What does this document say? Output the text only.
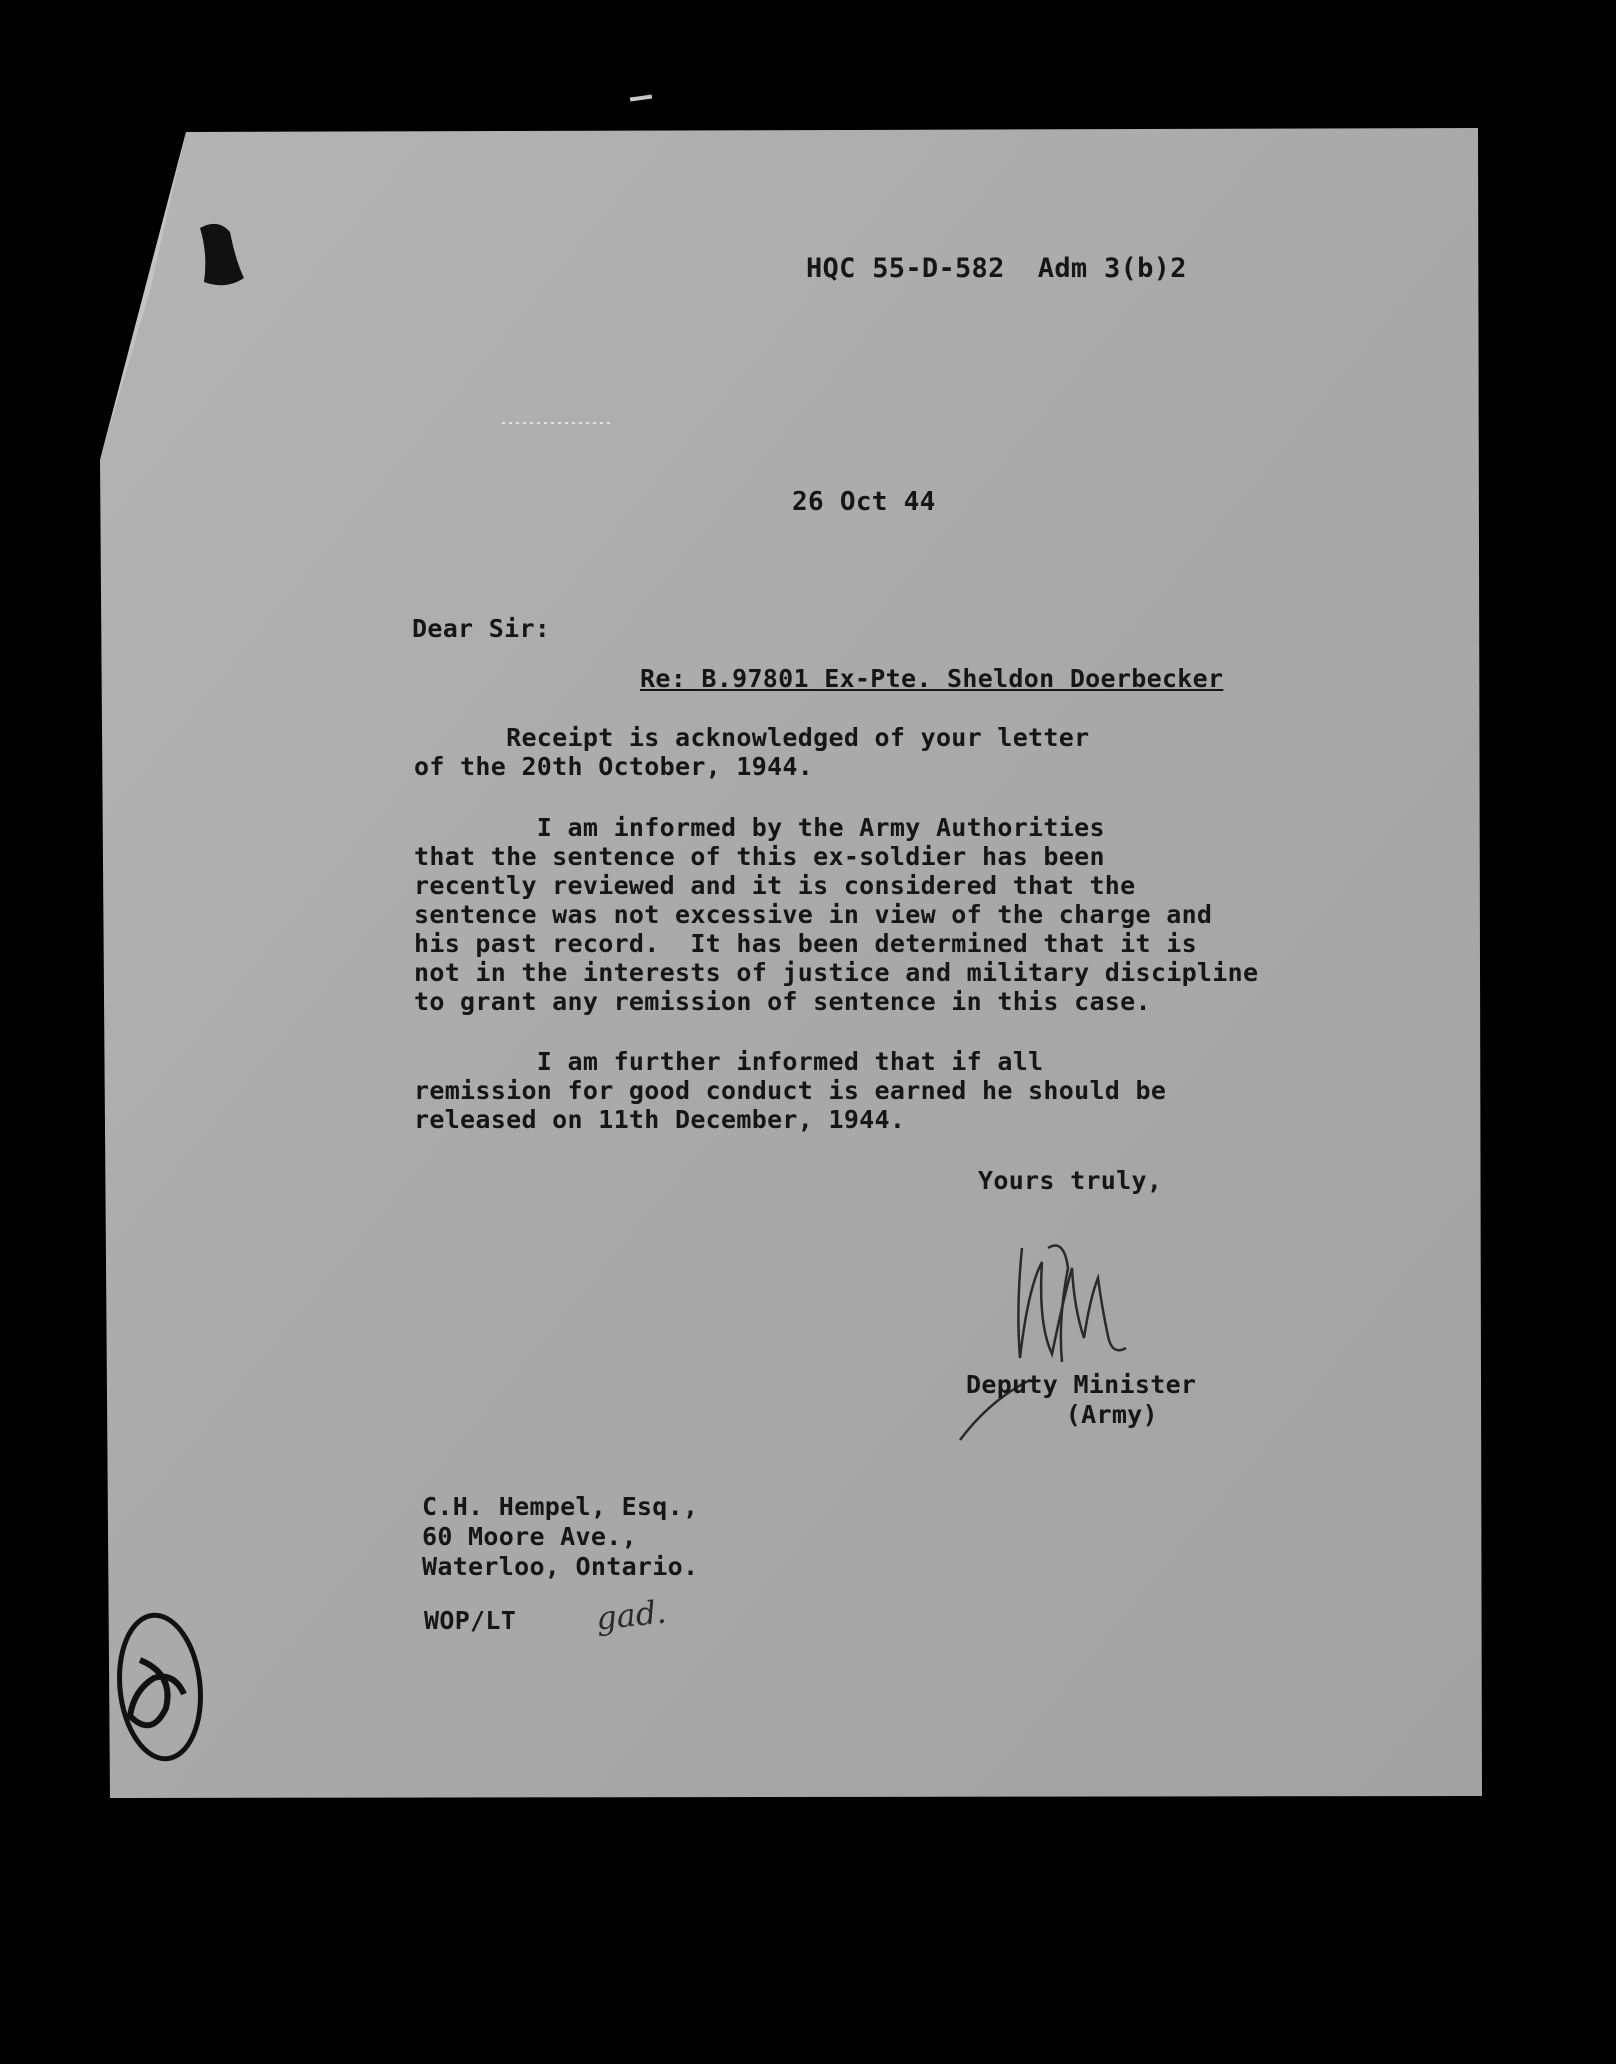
HQC 55-D-582  Adm 3(b)2
26 Oct 44
Dear Sir:
Re: B.97801 Ex-Pte. Sheldon Doerbecker
Receipt is acknowledged of your letter
of the 20th October, 1944.
I am informed by the Army Authorities
that the sentence of this ex-soldier has been
recently reviewed and it is considered that the
sentence was not excessive in view of the charge and
his past record.  It has been determined that it is
not in the interests of justice and military discipline
to grant any remission of sentence in this case.
I am further informed that if all
remission for good conduct is earned he should be
released on 11th December, 1944.
Yours truly,
Deputy Minister
(Army)
C.H. Hempel, Esq.,
60 Moore Ave.,
Waterloo, Ontario.
WOP/LT gad.
